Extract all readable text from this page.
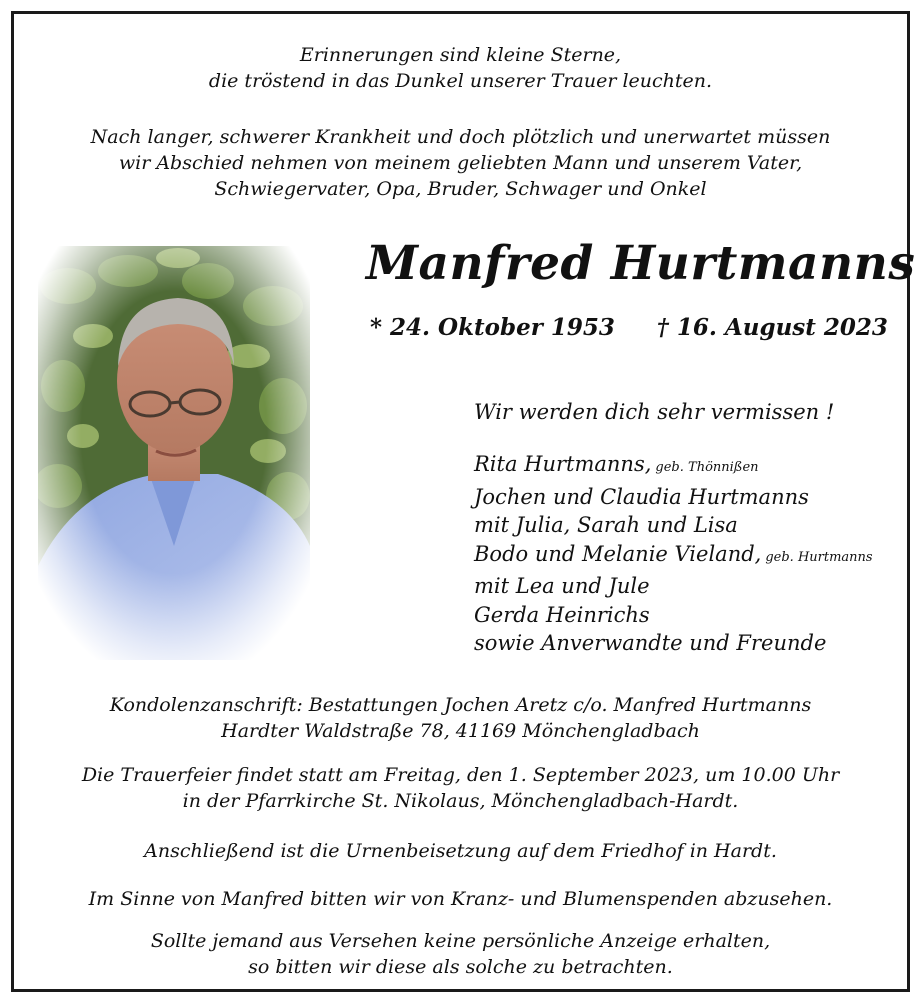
Erinnerungen sind kleine Sterne,
die tröstend in das Dunkel unserer Trauer leuchten.
Nach langer, schwerer Krankheit und doch plötzlich und unerwartet müssen
wir Abschied nehmen von meinem geliebten Mann und unserem Vater,
Schwiegervater, Opa, Bruder, Schwager und Onkel
Manfred Hurtmanns
* 24. Oktober 1953 † 16. August 2023
Wir werden dich sehr vermissen !
Rita Hurtmanns, geb. Thönnißen
Jochen und Claudia Hurtmanns
mit Julia, Sarah und Lisa
Bodo und Melanie Vieland, geb. Hurtmanns
mit Lea und Jule
Gerda Heinrichs
sowie Anverwandte und Freunde
Kondolenzanschrift: Bestattungen Jochen Aretz c/o. Manfred Hurtmanns
Hardter Waldstraße 78, 41169 Mönchengladbach
Die Trauerfeier findet statt am Freitag, den 1. September 2023, um 10.00 Uhr
in der Pfarrkirche St. Nikolaus, Mönchengladbach-Hardt.
Anschließend ist die Urnenbeisetzung auf dem Friedhof in Hardt.
Im Sinne von Manfred bitten wir von Kranz- und Blumenspenden abzusehen.
Sollte jemand aus Versehen keine persönliche Anzeige erhalten,
so bitten wir diese als solche zu betrachten.
